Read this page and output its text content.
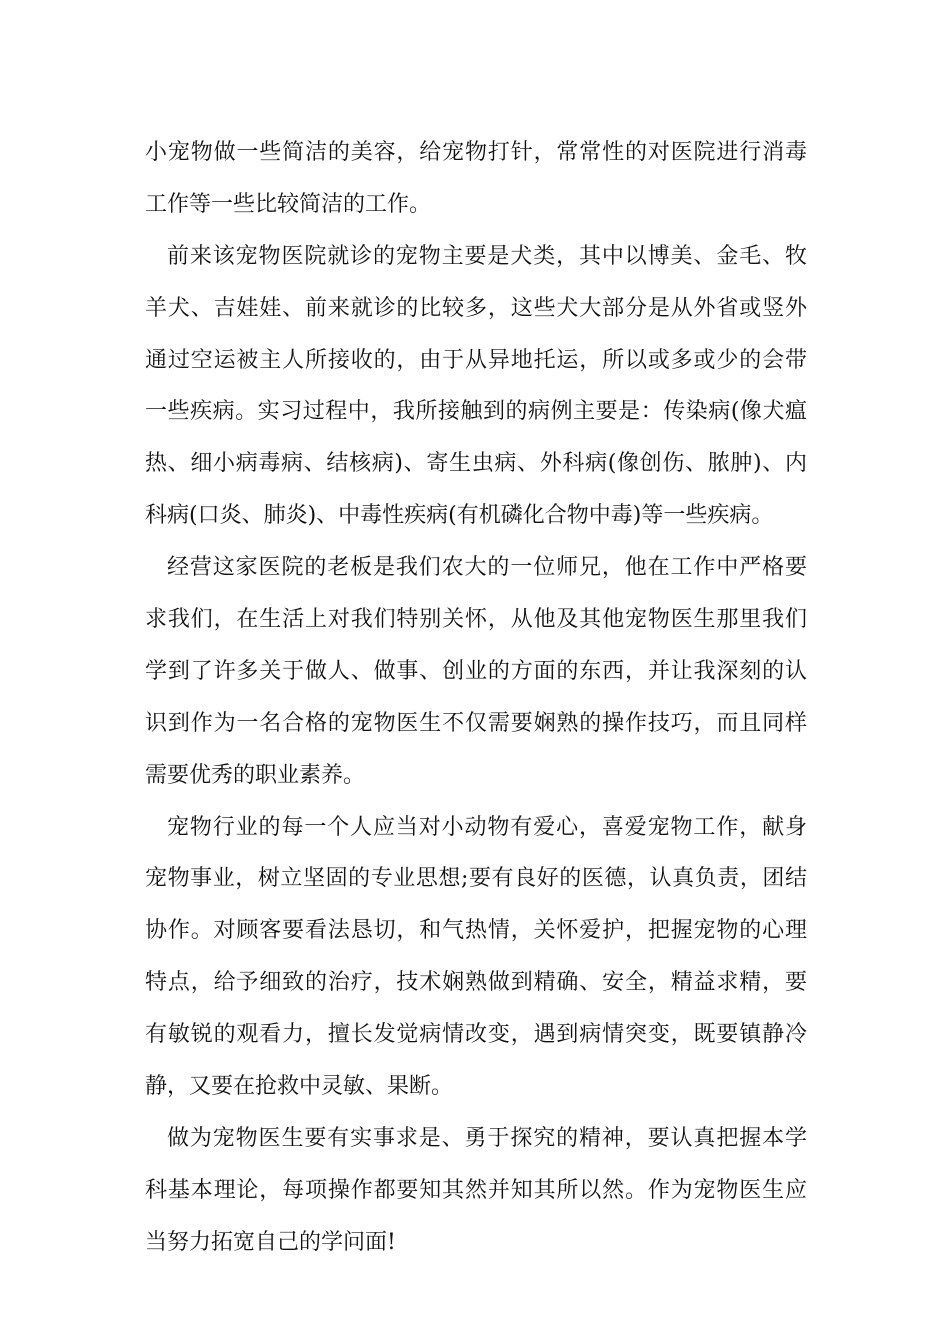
小宠物做一些简洁的美容，给宠物打针，常常性的对医院进行消毒
工作等一些比较简洁的工作。
前来该宠物医院就诊的宠物主要是犬类，其中以博美、金毛、牧
羊犬、吉娃娃、前来就诊的比较多，这些犬大部分是从外省或竖外
通过空运被主人所接收的，由于从异地托运，所以或多或少的会带
一些疾病。实习过程中，我所接触到的病例主要是：传染病(像犬瘟
热、细小病毒病、结核病)、寄生虫病、外科病(像创伤、脓肿)、内
科病(口炎、肺炎)、中毒性疾病(有机磷化合物中毒)等一些疾病。
经营这家医院的老板是我们农大的一位师兄，他在工作中严格要
求我们，在生活上对我们特别关怀，从他及其他宠物医生那里我们
学到了许多关于做人、做事、创业的方面的东西，并让我深刻的认
识到作为一名合格的宠物医生不仅需要娴熟的操作技巧，而且同样
需要优秀的职业素养。
宠物行业的每一个人应当对小动物有爱心，喜爱宠物工作，献身
宠物事业，树立坚固的专业思想;要有良好的医德，认真负责，团结
协作。对顾客要看法恳切，和气热情，关怀爱护，把握宠物的心理
特点，给予细致的治疗，技术娴熟做到精确、安全，精益求精，要
有敏锐的观看力，擅长发觉病情改变，遇到病情突变，既要镇静冷
静，又要在抢救中灵敏、果断。
做为宠物医生要有实事求是、勇于探究的精神，要认真把握本学
科基本理论，每项操作都要知其然并知其所以然。作为宠物医生应
当努力拓宽自己的学问面!
